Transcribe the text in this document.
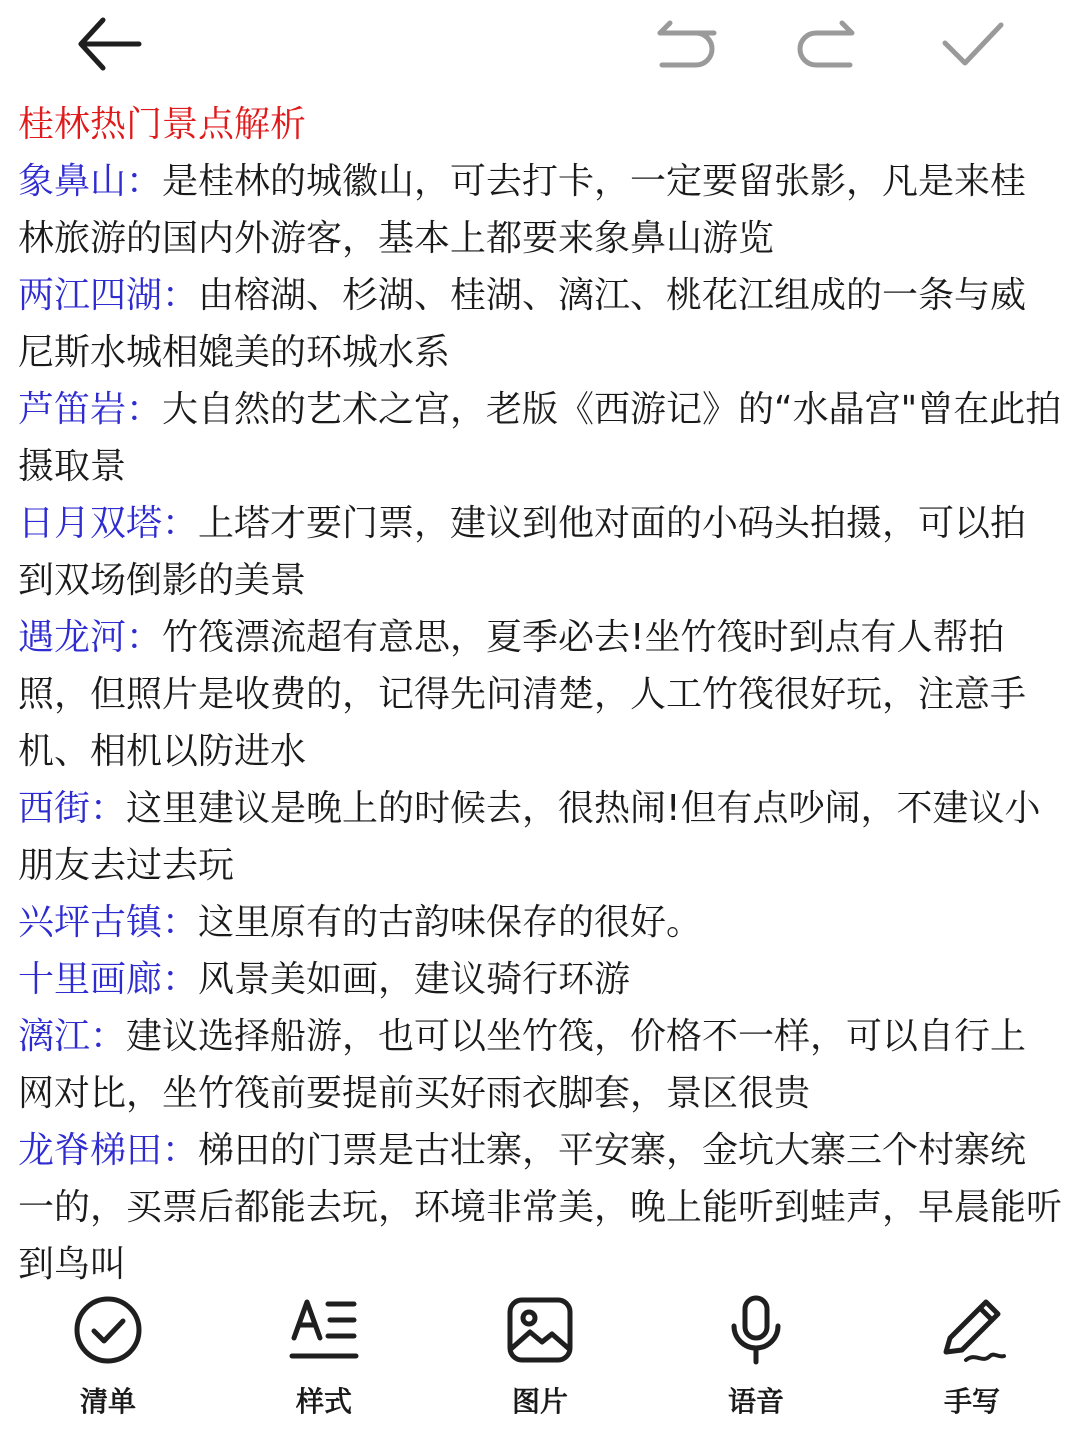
桂林热门景点解析

象鼻山：是桂林的城徽山，可去打卡，一定要留张影，凡是来桂林旅游的国内外游客，基本上都要来象鼻山游览

两江四湖：由榕湖、杉湖、桂湖、漓江、桃花江组成的一条与威尼斯水城相媲美的环城水系

芦笛岩：大自然的艺术之宫，老版《西游记》的“水晶宫"曾在此拍摄取景

日月双塔：上塔才要门票，建议到他对面的小码头拍摄，可以拍到双场倒影的美景

遇龙河：竹筏漂流超有意思，夏季必去!坐竹筏时到点有人帮拍照，但照片是收费的，记得先问清楚，人工竹筏很好玩，注意手机、相机以防进水

西街：这里建议是晚上的时候去，很热闹!但有点吵闹，不建议小朋友去过去玩

兴坪古镇：这里原有的古韵味保存的很好。

十里画廊：风景美如画，建议骑行环游

漓江：建议选择船游，也可以坐竹筏，价格不一样，可以自行上网对比，坐竹筏前要提前买好雨衣脚套，景区很贵

龙脊梯田：梯田的门票是古壮寨，平安寨，金坑大寨三个村寨统一的，买票后都能去玩，环境非常美，晚上能听到蛙声，早晨能听到鸟叫

清单	样式	图片	语音	手写
